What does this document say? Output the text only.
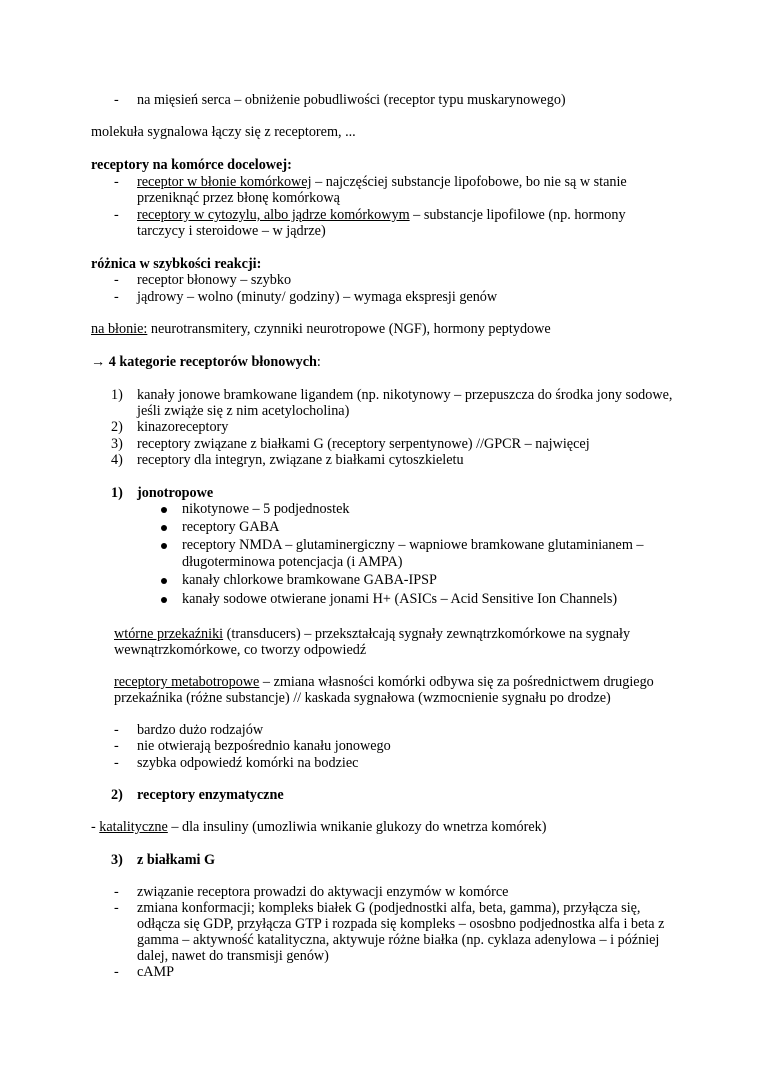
- na mięsień serca – obniżenie pobudliwości (receptor typu muskarynowego)
molekuła sygnalowa łączy się z receptorem, ...
receptory na komórce docelowej:
- receptor w błonie komórkowej – najczęściej substancje lipofobowe, bo nie są w stanie
przeniknąć przez błonę komórkową
- receptory w cytozylu, albo jądrze komórkowym – substancje lipofilowe (np. hormony
tarczycy i steroidowe – w jądrze)
różnica w szybkości reakcji:
- receptor błonowy – szybko
- jądrowy – wolno (minuty/ godziny) – wymaga ekspresji genów
na błonie: neurotransmitery, czynniki neurotropowe (NGF), hormony peptydowe
→ 4 kategorie receptorów błonowych:
1) kanały jonowe bramkowane ligandem (np. nikotynowy – przepuszcza do środka jony sodowe,
jeśli zwiąże się z nim acetylocholina)
2) kinazoreceptory
3) receptory związane z białkami G (receptory serpentynowe) //GPCR – najwięcej
4) receptory dla integryn, związane z białkami cytoszkieletu
1) jonotropowe
nikotynowe – 5 podjednostek
receptory GABA
receptory NMDA – glutaminergiczny – wapniowe bramkowane glutaminianem –
długoterminowa potencjacja (i AMPA)
kanały chlorkowe bramkowane GABA-IPSP
kanały sodowe otwierane jonami H+ (ASICs – Acid Sensitive Ion Channels)
wtórne przekaźniki (transducers) – przekształcają sygnały zewnątrzkomórkowe na sygnały
wewnątrzkomórkowe, co tworzy odpowiedź
receptory metabotropowe – zmiana własności komórki odbywa się za pośrednictwem drugiego
przekaźnika (różne substancje) // kaskada sygnałowa (wzmocnienie sygnału po drodze)
- bardzo dużo rodzajów
- nie otwierają bezpośrednio kanału jonowego
- szybka odpowiedź komórki na bodziec
2) receptory enzymatyczne
- katalityczne – dla insuliny (umozliwia wnikanie glukozy do wnetrza komórek)
3) z białkami G
- związanie receptora prowadzi do aktywacji enzymów w komórce
- zmiana konformacji; kompleks białek G (podjednostki alfa, beta, gamma), przyłącza się,
odłącza się GDP, przyłącza GTP i rozpada się kompleks – ososbno podjednostka alfa i beta z
gamma – aktywność katalityczna, aktywuje różne białka (np. cyklaza adenylowa – i później
dalej, nawet do transmisji genów)
- cAMP
